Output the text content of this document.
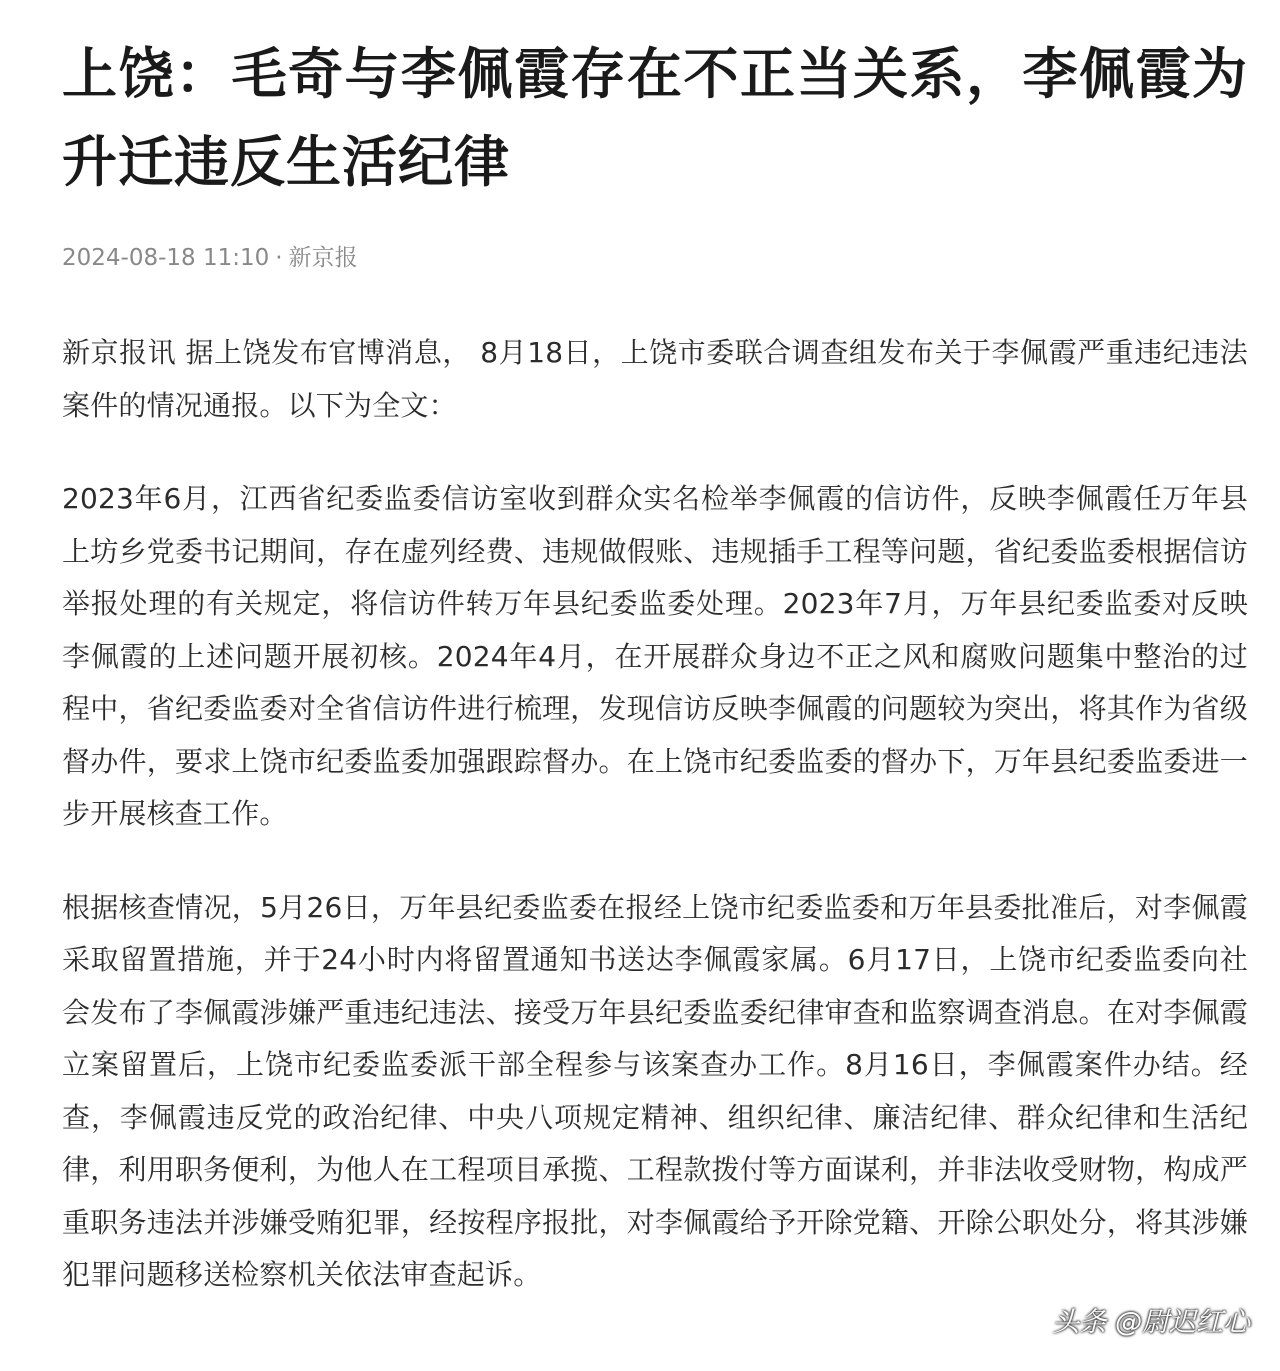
上饶：毛奇与李佩霞存在不正当关系，李佩霞为升迁违反生活纪律
2024-08-18 11:10 · 新京报

新京报讯 据上饶发布官博消息， 8月18日，上饶市委联合调查组发布关于李佩霞严重违纪违法案件的情况通报。以下为全文：

2023年6月，江西省纪委监委信访室收到群众实名检举李佩霞的信访件，反映李佩霞任万年县上坊乡党委书记期间，存在虚列经费、违规做假账、违规插手工程等问题，省纪委监委根据信访举报处理的有关规定，将信访件转万年县纪委监委处理。2023年7月，万年县纪委监委对反映李佩霞的上述问题开展初核。2024年4月，在开展群众身边不正之风和腐败问题集中整治的过程中，省纪委监委对全省信访件进行梳理，发现信访反映李佩霞的问题较为突出，将其作为省级督办件，要求上饶市纪委监委加强跟踪督办。在上饶市纪委监委的督办下，万年县纪委监委进一步开展核查工作。

根据核查情况，5月26日，万年县纪委监委在报经上饶市纪委监委和万年县委批准后，对李佩霞采取留置措施，并于24小时内将留置通知书送达李佩霞家属。6月17日，上饶市纪委监委向社会发布了李佩霞涉嫌严重违纪违法、接受万年县纪委监委纪律审查和监察调查消息。在对李佩霞立案留置后，上饶市纪委监委派干部全程参与该案查办工作。8月16日，李佩霞案件办结。经查，李佩霞违反党的政治纪律、中央八项规定精神、组织纪律、廉洁纪律、群众纪律和生活纪律，利用职务便利，为他人在工程项目承揽、工程款拨付等方面谋利，并非法收受财物，构成严重职务违法并涉嫌受贿犯罪，经按程序报批，对李佩霞给予开除党籍、开除公职处分，将其涉嫌犯罪问题移送检察机关依法审查起诉。

头条 @尉迟红心
